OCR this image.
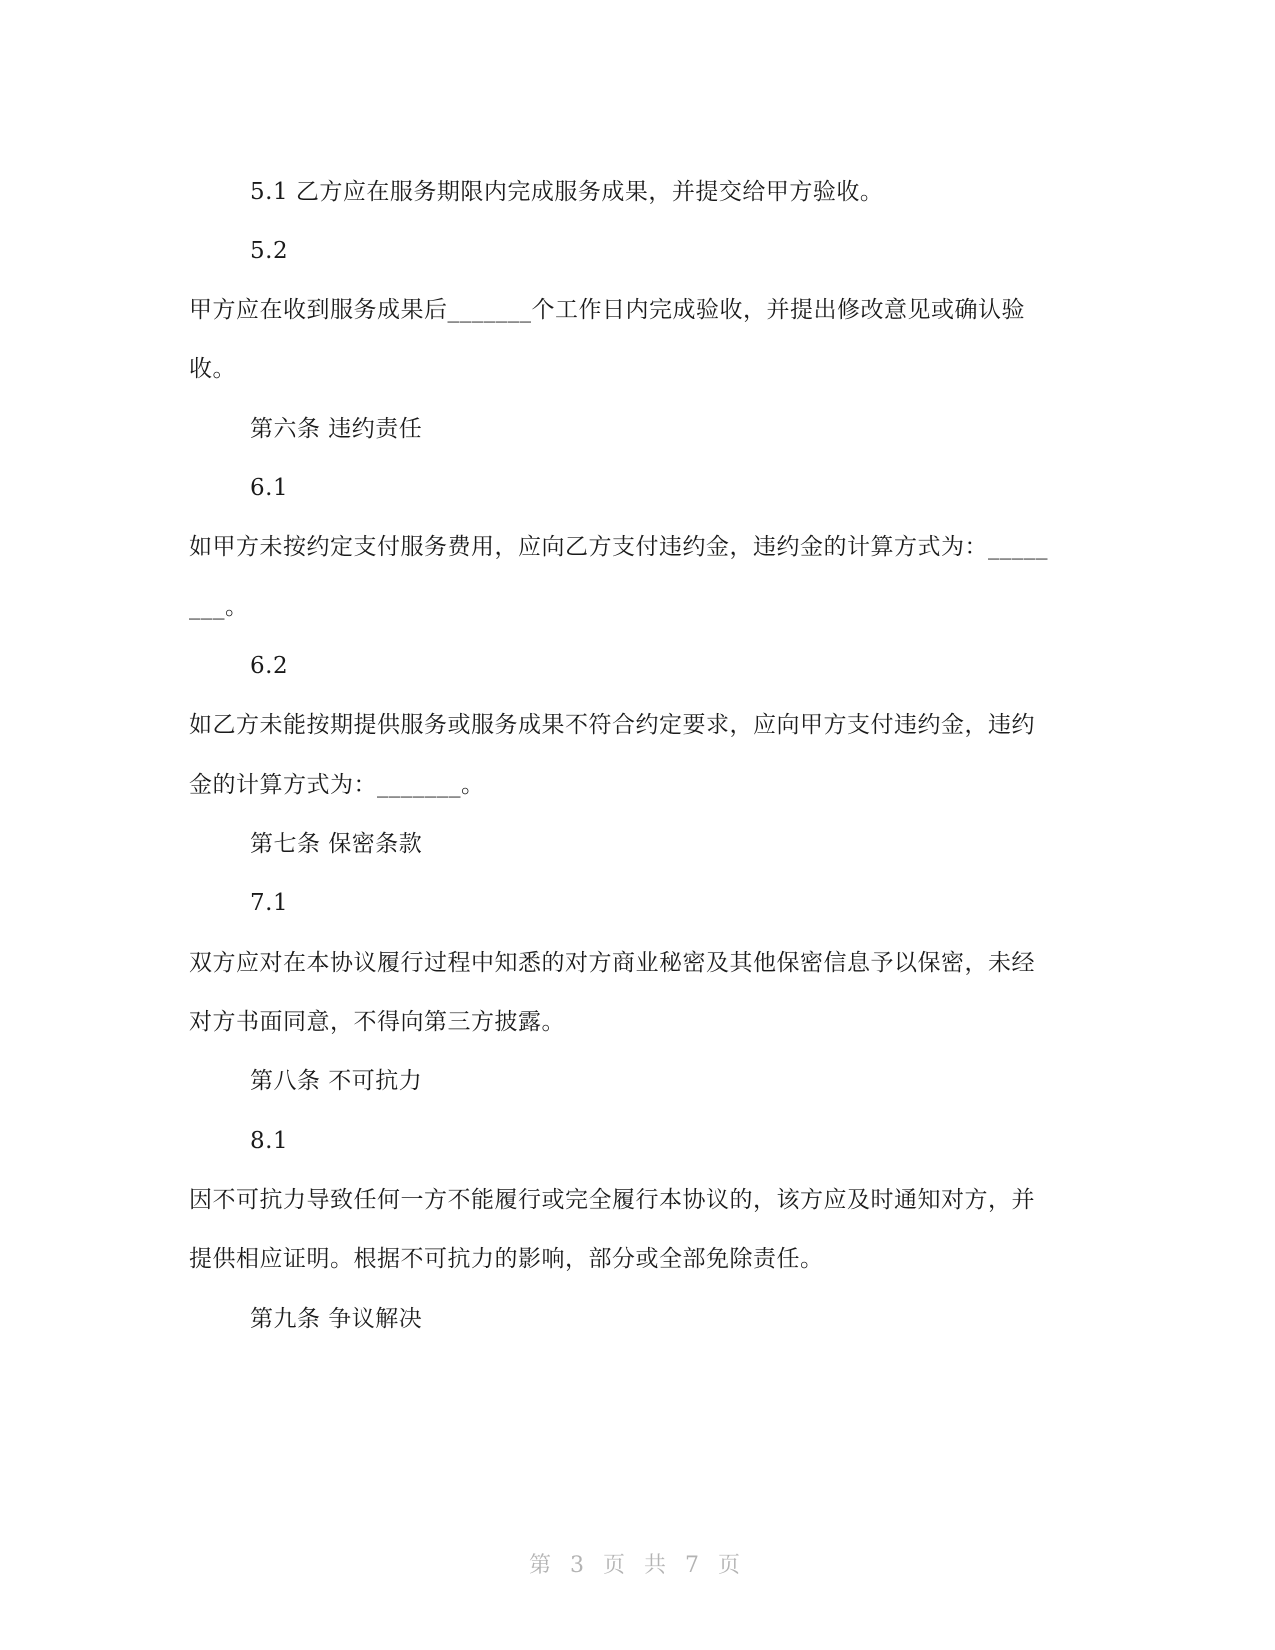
5.1 乙方应在服务期限内完成服务成果，并提交给甲方验收。
5.2
甲方应在收到服务成果后_______个工作日内完成验收，并提出修改意见或确认验
收。
第六条 违约责任
6.1
如甲方未按约定支付服务费用，应向乙方支付违约金，违约金的计算方式为：_____
___。
6.2
如乙方未能按期提供服务或服务成果不符合约定要求，应向甲方支付违约金，违约
金的计算方式为：_______。
第七条 保密条款
7.1
双方应对在本协议履行过程中知悉的对方商业秘密及其他保密信息予以保密，未经
对方书面同意，不得向第三方披露。
第八条 不可抗力
8.1
因不可抗力导致任何一方不能履行或完全履行本协议的，该方应及时通知对方，并
提供相应证明。根据不可抗力的影响，部分或全部免除责任。
第九条 争议解决
第 3 页 共 7 页
